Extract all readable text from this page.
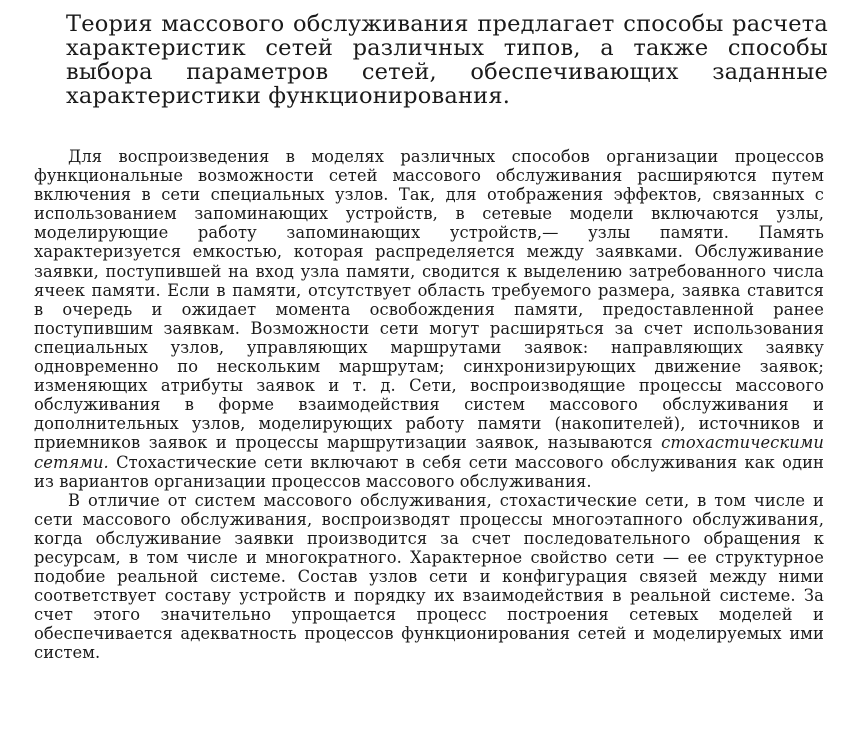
Теория массового обслуживания предлагает способы расчета характеристик сетей различных типов, а также способы выбора параметров сетей, обеспечивающих заданные характеристики функционирования.

Для воспроизведения в моделях различных способов организации процессов функциональные возможности сетей массового обслуживания расширяются путем включения в сети специальных узлов. Так, для отображения эффектов, связанных с использованием запоминающих устройств, в сетевые модели включаются узлы, моделирующие работу запоминающих устройств,— узлы памяти. Память характеризуется емкостью, которая распределяется между заявками. Обслуживание заявки, поступившей на вход узла памяти, сводится к выделению затребованного числа ячеек памяти. Если в памяти, отсутствует область требуемого размера, заявка ставится в очередь и ожидает момента освобождения памяти, предоставленной ранее поступившим заявкам. Возможности сети могут расширяться за счет использования специальных узлов, управляющих маршрутами заявок: направляющих заявку одновременно по нескольким маршрутам; синхронизирующих движение заявок; изменяющих атрибуты заявок и т. д. Сети, воспроизводящие процессы массового обслуживания в форме взаимодействия систем массового обслуживания и дополнительных узлов, моделирующих работу памяти (накопителей), источников и приемников заявок и процессы маршрутизации заявок, называются стохастическими сетями. Стохастические сети включают в себя сети массового обслуживания как один из вариантов организации процессов массового обслуживания.

В отличие от систем массового обслуживания, стохастические сети, в том числе и сети массового обслуживания, воспроизводят процессы многоэтапного обслуживания, когда обслуживание заявки производится за счет последовательного обращения к ресурсам, в том числе и многократного. Характерное свойство сети — ее структурное подобие реальной системе. Состав узлов сети и конфигурация связей между ними соответствует составу устройств и порядку их взаимодействия в реальной системе. За счет этого значительно упрощается процесс построения сетевых моделей и обеспечивается адекватность процессов функционирования сетей и моделируемых ими систем.
